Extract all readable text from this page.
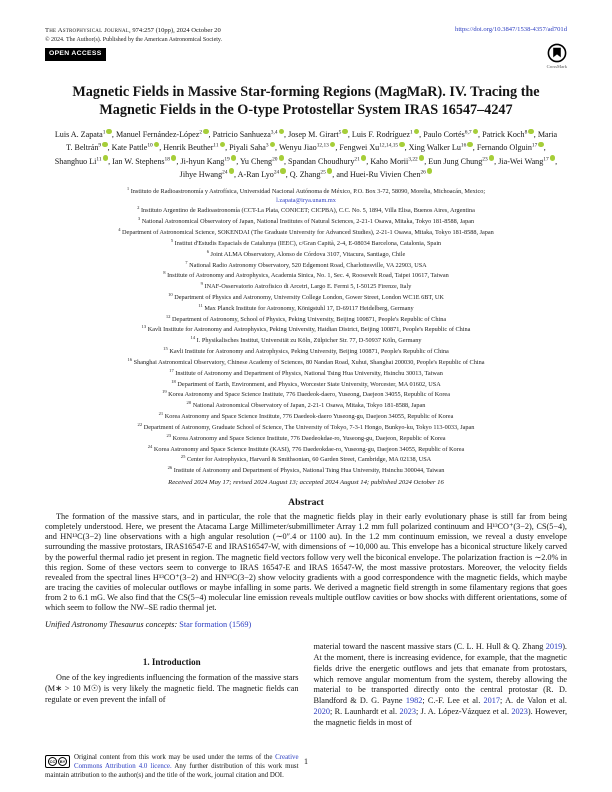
The Astrophysical Journal, 974:257 (10pp), 2024 October 20
© 2024. The Author(s). Published by the American Astronomical Society.
OPEN ACCESS
https://doi.org/10.3847/1538-4357/ad701d

CrossMark
Magnetic Fields in Massive Star-forming Regions (MagMaR). IV. Tracing the Magnetic Fields in the O-type Protostellar System IRAS 16547–4247
Luis A. Zapata$^1$ , Manuel Fernández-López$^2$ , Patricio Sanhueza$^{3,4}$ , Josep M. Girart$^5$ , Luis F. Rodríguez$^1$ , Paulo Cortés$^{6,7}$ , Patrick Koch$^8$ , Maria T. Beltrán$^9$ , Kate Pattle$^{10}$ , Henrik Beuther$^{11}$ , Piyali Saha$^3$ , Wenyu Jiao$^{12,13}$ , Fengwei Xu$^{12,14,15}$ , Xing Walker Lu$^{16}$ , Fernando Olguin$^{17}$ , Shanghuo Li$^{11}$ , Ian W. Stephens$^{18}$ , Ji-hyun Kang$^{19}$ , Yu Cheng$^{20}$ , Spandan Choudhury$^{21}$ , Kaho Morii$^{3,22}$ , Eun Jung Chung$^{23}$ , Jia-Wei Wang$^{17}$ , Jihye Hwang$^{24}$ , A-Ran Lyo$^{24}$ , Q. Zhang$^{25}$ , and Huei-Ru Vivien Chen$^{26}$
$^1$ Instituto de Radioastronomía y Astrofísica, Universidad Nacional Autónoma de México, P.O. Box 3-72, 58090, Morelia, Michoacán, Mexico;
l.zapata@irya.unam.mx
$^2$ Instituto Argentino de Radioastronomía (CCT-La Plata, CONICET; CICPBA), C.C. No. 5, 1894, Villa Elisa, Buenos Aires, Argentina
$^3$ National Astronomical Observatory of Japan, National Institutes of Natural Sciences, 2-21-1 Osawa, Mitaka, Tokyo 181-8588, Japan
$^4$ Department of Astronomical Science, SOKENDAI (The Graduate University for Advanced Studies), 2-21-1 Osawa, Mitaka, Tokyo 181-8588, Japan
$^5$ Institut d'Estudis Espacials de Catalunya (IEEC), c/Gran Capità, 2-4, E-08034 Barcelona, Catalonia, Spain
$^6$ Joint ALMA Observatory, Alonso de Córdova 3107, Vitacura, Santiago, Chile
$^7$ National Radio Astronomy Observatory, 520 Edgemont Road, Charlottesville, VA 22903, USA
$^8$ Institute of Astronomy and Astrophysics, Academia Sinica, No. 1, Sec. 4, Roosevelt Road, Taipei 10617, Taiwan
$^9$ INAF-Osservatorio Astrofisico di Arcetri, Largo E. Fermi 5, I-50125 Firenze, Italy
$^{10}$ Department of Physics and Astronomy, University College London, Gower Street, London WC1E 6BT, UK
$^{11}$ Max Planck Institute for Astronomy, Königstuhl 17, D-69117 Heidelberg, Germany
$^{12}$ Department of Astronomy, School of Physics, Peking University, Beijing 100871, People's Republic of China
$^{13}$ Kavli Institute for Astronomy and Astrophysics, Peking University, Haidian District, Beijing 100871, People's Republic of China
$^{14}$ I. Physikalisches Institut, Universität zu Köln, Zülpicher Str. 77, D-50937 Köln, Germany
$^{15}$ Kavli Institute for Astronomy and Astrophysics, Peking University, Beijing 100871, People's Republic of China
$^{16}$ Shanghai Astronomical Observatory, Chinese Academy of Sciences, 80 Nandan Road, Xuhui, Shanghai 200030, People's Republic of China
$^{17}$ Institute of Astronomy and Department of Physics, National Tsing Hua University, Hsinchu 30013, Taiwan
$^{18}$ Department of Earth, Environment, and Physics, Worcester State University, Worcester, MA 01602, USA
$^{19}$ Korea Astronomy and Space Science Institute, 776 Daedeok-daero, Yuseong, Daejeon 34055, Republic of Korea
$^{20}$ National Astronomical Observatory of Japan, 2-21-1 Osawa, Mitaka, Tokyo 181-8588, Japan
$^{21}$ Korea Astronomy and Space Science Institute, 776 Daedeok-daero Yuseong-gu, Daejeon 34055, Republic of Korea
$^{22}$ Department of Astronomy, Graduate School of Science, The University of Tokyo, 7-3-1 Hongo, Bunkyo-ku, Tokyo 113-0033, Japan
$^{23}$ Korea Astronomy and Space Science Institute, 776 Daedeokdae-ro, Yuseong-gu, Daejeon, Republic of Korea
$^{24}$ Korea Astronomy and Space Science Institute (KASI), 776 Daedeokdae-ro, Yuseong-gu, Daejeon 34055, Republic of Korea
$^{25}$ Center for Astrophysics, Harvard & Smithsonian, 60 Garden Street, Cambridge, MA 02138, USA
$^{26}$ Institute of Astronomy and Department of Physics, National Tsing Hua University, Hsinchu 300044, Taiwan
Received 2024 May 17; revised 2024 August 13; accepted 2024 August 14; published 2024 October 16
Abstract
The formation of the massive stars, and in particular, the role that the magnetic fields play in their early evolutionary phase is still far from being completely understood. Here, we present the Atacama Large Millimeter/submillimeter Array 1.2 mm full polarized continuum and H¹³CO⁺(3−2), CS(5−4), and HN¹³C(3−2) line observations with a high angular resolution (∼0″.4 or 1100 au). In the 1.2 mm continuum emission, we reveal a dusty envelope surrounding the massive protostars, IRAS16547-E and IRAS16547-W, with dimensions of ∼10,000 au. This envelope has a biconical structure likely carved by the powerful thermal radio jet present in region. The magnetic field vectors follow very well the biconical envelope. The polarization fraction is ∼2.0% in this region. Some of these vectors seem to converge to IRAS 16547-E and IRAS 16547-W, the most massive protostars. Moreover, the velocity fields revealed from the spectral lines H¹³CO⁺(3−2) and HN¹³C(3−2) show velocity gradients with a good correspondence with the magnetic fields, which maybe are tracing the cavities of molecular outflows or maybe infalling in some parts. We derived a magnetic field strength in some filamentary regions that goes from 2 to 6.1 mG. We also find that the CS(5−4) molecular line emission reveals multiple outflow cavities or bow shocks with different orientations, some of which seem to follow the NW–SE radio thermal jet.
Unified Astronomy Thesaurus concepts: Star formation (1569)
1. Introduction
One of the key ingredients influencing the formation of the massive stars (M∗ > 10 M☉) is very likely the magnetic field. The magnetic fields can regulate or even prevent the infall of
CC	BY
Original content from this work may be used under the terms of the Creative Commons Attribution 4.0 licence. Any further distribution of this work must maintain attribution to the author(s) and the title of the work, journal citation and DOI.
material toward the nascent massive stars (C. L. H. Hull & Q. Zhang 2019). At the moment, there is increasing evidence, for example, that the magnetic fields drive the energetic outflows and jets that emanate from protostars, which remove angular momentum from the system, thereby allowing the material to be transported directly onto the central protostar (R. D. Blandford & D. G. Payne 1982; C.-F. Lee et al. 2017; A. de Valon et al. 2020; R. Launhardt et al. 2023; J. A. López-Vázquez et al. 2023). However, the magnetic fields in most of
1
